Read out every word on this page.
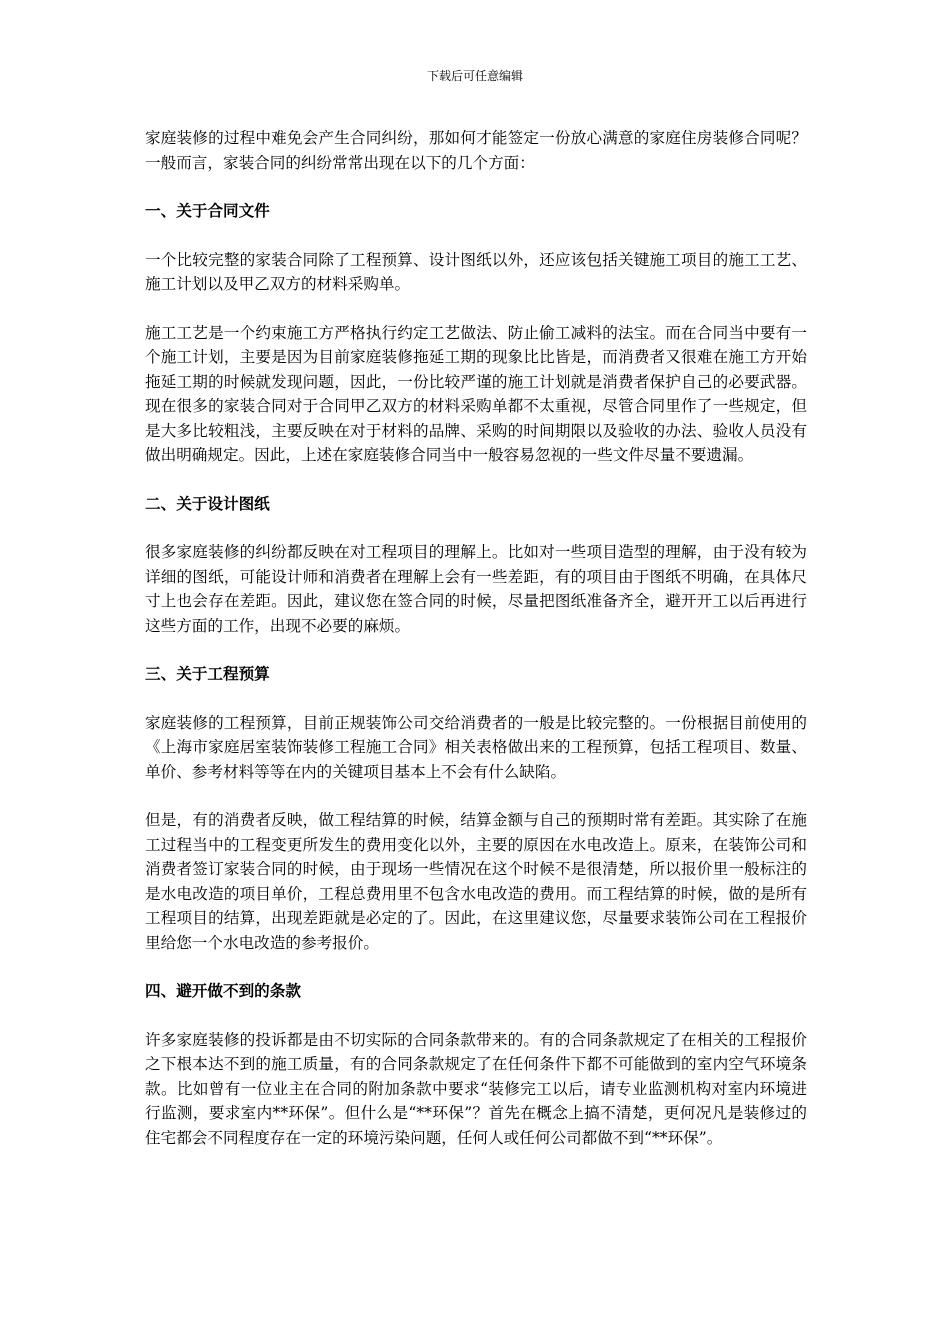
下载后可任意编辑

家庭装修的过程中难免会产生合同纠纷，那如何才能签定一份放心满意的家庭住房装修合同呢？一般而言，家装合同的纠纷常常出现在以下的几个方面：

一、关于合同文件

一个比较完整的家装合同除了工程预算、设计图纸以外，还应该包括关键施工项目的施工工艺、施工计划以及甲乙双方的材料采购单。

施工工艺是一个约束施工方严格执行约定工艺做法、防止偷工减料的法宝。而在合同当中要有一个施工计划，主要是因为目前家庭装修拖延工期的现象比比皆是，而消费者又很难在施工方开始拖延工期的时候就发现问题，因此，一份比较严谨的施工计划就是消费者保护自己的必要武器。现在很多的家装合同对于合同甲乙双方的材料采购单都不太重视，尽管合同里作了一些规定，但是大多比较粗浅，主要反映在对于材料的品牌、采购的时间期限以及验收的办法、验收人员没有做出明确规定。因此，上述在家庭装修合同当中一般容易忽视的一些文件尽量不要遗漏。

二、关于设计图纸

很多家庭装修的纠纷都反映在对工程项目的理解上。比如对一些项目造型的理解，由于没有较为详细的图纸，可能设计师和消费者在理解上会有一些差距，有的项目由于图纸不明确，在具体尺寸上也会存在差距。因此，建议您在签合同的时候，尽量把图纸准备齐全，避开开工以后再进行这些方面的工作，出现不必要的麻烦。

三、关于工程预算

家庭装修的工程预算，目前正规装饰公司交给消费者的一般是比较完整的。一份根据目前使用的《上海市家庭居室装饰装修工程施工合同》相关表格做出来的工程预算，包括工程项目、数量、单价、参考材料等等在内的关键项目基本上不会有什么缺陷。

但是，有的消费者反映，做工程结算的时候，结算金额与自己的预期时常有差距。其实除了在施工过程当中的工程变更所发生的费用变化以外，主要的原因在水电改造上。原来，在装饰公司和消费者签订家装合同的时候，由于现场一些情况在这个时候不是很清楚，所以报价里一般标注的是水电改造的项目单价，工程总费用里不包含水电改造的费用。而工程结算的时候，做的是所有工程项目的结算，出现差距就是必定的了。因此，在这里建议您，尽量要求装饰公司在工程报价里给您一个水电改造的参考报价。

四、避开做不到的条款

许多家庭装修的投诉都是由不切实际的合同条款带来的。有的合同条款规定了在相关的工程报价之下根本达不到的施工质量，有的合同条款规定了在任何条件下都不可能做到的室内空气环境条款。比如曾有一位业主在合同的附加条款中要求“装修完工以后，请专业监测机构对室内环境进行监测，要求室内**环保”。但什么是“**环保”？首先在概念上搞不清楚，更何况凡是装修过的住宅都会不同程度存在一定的环境污染问题，任何人或任何公司都做不到“**环保”。
